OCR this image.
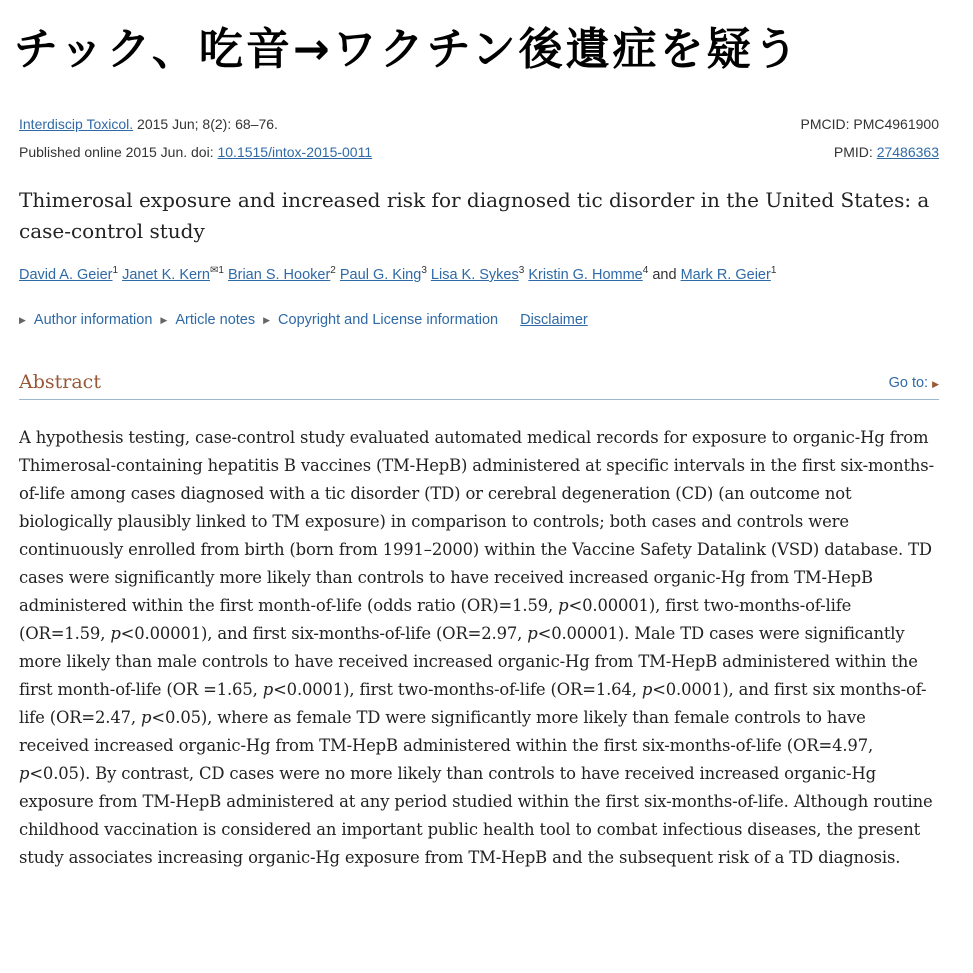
チック、吃音→ワクチン後遺症を疑う
Interdiscip Toxicol. 2015 Jun; 8(2): 68–76.	PMCID: PMC4961900
Published online 2015 Jun. doi: 10.1515/intox-2015-0011	PMID: 27486363
Thimerosal exposure and increased risk for diagnosed tic disorder in the United States: a case-control study
David A. Geier$^1$ Janet K. Kern$^{✉1}$ Brian S. Hooker$^2$ Paul G. King$^3$ Lisa K. Sykes$^3$ Kristin G. Homme$^4$ and Mark R. Geier$^1$
▶ Author information ▶ Article notes ▶ Copyright and License information Disclaimer
Abstract	Go to: ▶
A hypothesis testing, case-control study evaluated automated medical records for exposure to organic-Hg from Thimerosal-containing hepatitis B vaccines (TM-HepB) administered at specific intervals in the first six-months-of-life among cases diagnosed with a tic disorder (TD) or cerebral degeneration (CD) (an outcome not biologically plausibly linked to TM exposure) in comparison to controls; both cases and controls were continuously enrolled from birth (born from 1991–2000) within the Vaccine Safety Datalink (VSD) database. TD cases were significantly more likely than controls to have received increased organic-Hg from TM-HepB administered within the first month-of-life (odds ratio (OR)=1.59, p<0.00001), first two-months-of-life (OR=1.59, p<0.00001), and first six-months-of-life (OR=2.97, p<0.00001). Male TD cases were significantly more likely than male controls to have received increased organic-Hg from TM-HepB administered within the first month-of-life (OR =1.65, p<0.0001), first two-months-of-life (OR=1.64, p<0.0001), and first six months-of-life (OR=2.47, p<0.05), where as female TD were significantly more likely than female controls to have received increased organic-Hg from TM-HepB administered within the first six-months-of-life (OR=4.97, p<0.05). By contrast, CD cases were no more likely than controls to have received increased organic-Hg exposure from TM-HepB administered at any period studied within the first six-months-of-life. Although routine childhood vaccination is considered an important public health tool to combat infectious diseases, the present study associates increasing organic-Hg exposure from TM-HepB and the subsequent risk of a TD diagnosis.
